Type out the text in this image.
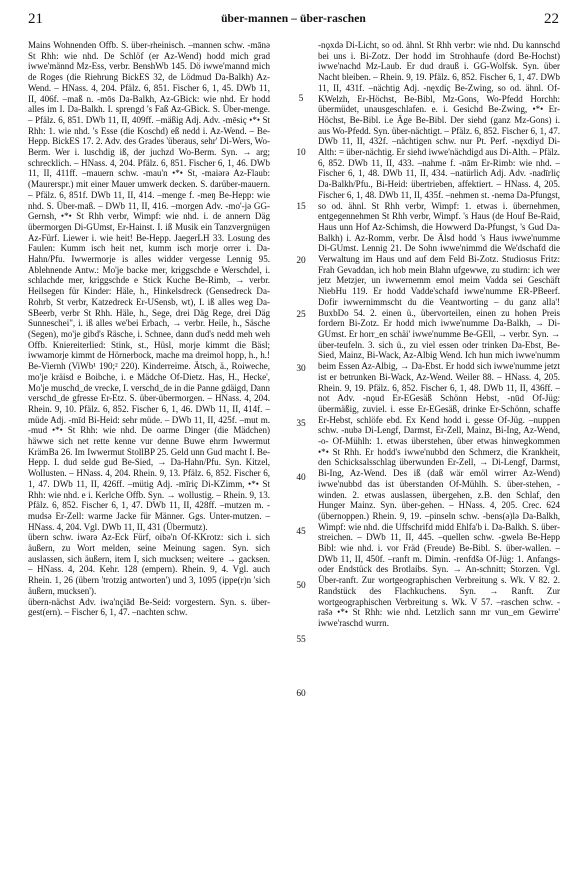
21	über-mannen – über-raschen	22

Mains Wohnenden Offb. S. über-rheinisch. –mannen schw. -mānə St Rhh: wie nhd. De Schlöf (er Az-Wend) hodd mich grad iwwe'männd Mz-Ess, verbr. BenshWb 145. Dö iwwe'mannd mich de Roges (die Riehrung BickES 32, de Lödmud Da-Balkh) Az-Wend. – HNass. 4, 204. Pfälz. 6, 851. Fischer 6, 1, 45. DWb 11, II, 406f. –maß n. -mōs Da-Balkh, Az-GBick: wie nhd. Er hodd alles im I. Da-Balkh. I. sprengd 's Faß Az-GBick. S. Über-menge. – Pfälz. 6, 851. DWb 11, II, 409ff. –mäßig Adj. Adv. -mēsiç •*• St Rhh: 1. wie nhd. 's Esse (die Koschd) eß nedd i. Az-Wend. – Be-Hepp. BickES 17. 2. Adv. des Grades 'überaus, sehr' Di-Wers, Wo-Berm. Wer i. luschdig iß, der juchzd Wo-Berm. Syn. → arg; schrecklich. – HNass. 4, 204. Pfälz. 6, 851. Fischer 6, 1, 46. DWb 11, II, 411ff. –mauern schw. -mau'n •*• St, -maiərə Az-Flaub: (Maurerspr.) mit einer Mauer umwerk decken. S. darüber-mauern. – Pfälz. 6, 851f. DWb 11, II, 414. –menge f. -meŋ Be-Hepp: wie nhd. S. Über-maß. – DWb 11, II, 416. –morgen Adv. -mo'-jə GG-Gernsh, •*• St Rhh verbr, Wimpf: wie nhd. i. de annern Däg übermorgen Di-GUmst, Er-Hainst. I. iß Musik ein Tanzvergnügen Az-Fürf. Liewer i. wie heit! Be-Hepp. JaegerLH 33. Losung des Faulen: Kumm isch heit net, kumm isch morje orrer i. Da-Hahn/Pfu. Iwwermorje is alles widder vergesse Lennig 95. Ablehnende Antw.: Mo'je backe mer, kriggschde e Werschdel, i. schlachde mer, kriggschde e Stick Kuche Be-Rimb, → verbr. Heilsegen für Kinder: Häle, h., Hinkelsdreck (Gensedreck Da-Rohrb, St verbr, Katzedreck Er-USensb, wt), I. iß alles weg Da-SBeerb, verbr St Rhh. Häle, h., Sege, drei Däg Rege, drei Däg Sunneschei", i. iß alles we'bei Erbach, → verbr. Heile, h., Säsche (Segen), mo'je gibd's Räsche, i. Schnee, dann dud's nedd meh weh Offb. Kniereiterlied: Stink, st., Hüsl, morje kimmt die Bäsl; iwwamorje kimmt de Hörnerbock, mache ma dreimol hopp, h., h.! Be-Viernh (ViWb¹ 190;² 220). Kinderreime. Ätsch, ä., Roiweche, mo'je kräisd e Boibche, i. e Mädche Of-Dietz. Has, H., Hecke', Mo'je muschd_de vrecke, I. verschd_de in die Panne gdäigd, Dann verschd_de gfresse Er-Etz. S. über-übermorgen. – HNass. 4, 204. Rhein. 9, 10. Pfälz. 6, 852. Fischer 6, 1, 46. DWb 11, II, 414f. –müde Adj. -mīd Bi-Heid: sehr müde. – DWb 11, II, 425f. –mut m. -mud •*• St Rhh: wie nhd. De oarme Dinger (die Mädchen) häwwe sich net rette kenne vur denne Buwe ehrm Iwwermut KrämBa 26. Im Iwwermut StollBP 25. Geld unn Gud macht I. Be-Hepp. I. dud selde gud Be-Sied, → Da-Hahn/Pfu. Syn. Kitzel, Wollusten. – HNass. 4, 204. Rhein. 9, 13. Pfälz. 6, 852. Fischer 6, 1, 47. DWb 11, II, 426ff. –mütig Adj. -mīriç Di-KZimm, •*• St Rhh: wie nhd. e i. Kerlche Offb. Syn. → wollustig. – Rhein. 9, 13. Pfälz. 6, 852. Fischer 6, 1, 47. DWb 11, II, 428ff. –mutzen m. -mudsə Er-Zell: warme Jacke für Männer. Ggs. Unter-mutzen. – HNass. 4, 204. Vgl. DWb 11, II, 431 (Übermutz).

übern schw. iwərə Az-Eck Fürf, oibə'n Of-KKrotz: sich i. sich äußern, zu Wort melden, seine Meinung sagen. Syn. sich auslassen, sich äußern, item I, sich mucksen; weitere → gacksen. – HNass. 4, 204. Kehr. 128 (empern). Rhein. 9, 4. Vgl. auch Rhein. 1, 26 (übern 'trotzig antworten') und 3, 1095 (ippe(r)n 'sich äußern, mucksen').

übern-nächst Adv. iwa'nçiād Be-Seid: vorgestern. Syn. s. über-gest(ern). – Fischer 6, 1, 47. –nachten schw.

5
10
15
20
25
30
35
40
45
50
55
60

-nǫxdə Di-Licht, so od. ähnl. St Rhh verbr: wie nhd. Du kannschd bei uns i. Bi-Zotz. Der hodd im Strohhaufe (dord Be-Hochst) iwwe'nachd Mz-Laub. Er dud drauß i. GG-Wolfsk. Syn. über Nacht bleiben. – Rhein. 9, 19. Pfälz. 6, 852. Fischer 6, 1, 47. DWb 11, II, 431f. –nächtig Adj. -nęxdiç Be-Zwing, so od. ähnl. Of-KWelzh, Er-Höchst, Be-Bibl, Mz-Gons, Wo-Pfedd Horchh: übermüdet, unausgeschlafen. e. i. Gesichd Be-Zwing, •*• Er-Höchst, Be-Bibl. i.e Äge Be-Bibl. Der siehd (ganz Mz-Gons) i. aus Wo-Pfedd. Syn. über-nächtigt. – Pfälz. 6, 852. Fischer 6, 1, 47. DWb 11, II, 432f. –nächtigen schw. nur Pt. Perf. -nęxdiyd Di-Alth: = über-nächtig. Er siehd iwwe'nächdigd aus Di-Alth. – Pfälz. 6, 852. DWb 11, II, 433. –nahme f. -nām Er-Rimb: wie nhd. – Fischer 6, 1, 48. DWb 11, II, 434. –natürlich Adj. Adv. -nadīrliç Da-Balkh/Pfu., Bi-Heid: übertrieben, affektiert. – HNass. 4, 205. Fischer 6, 1, 48. DWb 11, II, 435f. –nehmen st. -nemə Da-Pfungst, so od. ähnl. St Rhh verbr, Wimpf: 1. etwas i. übernehmen, entgegennehmen St Rhh verbr, Wimpf. 's Haus (de Houf Be-Raid, Haus unn Hof Az-Schimsh, die Howwerd Da-Pfungst, 's Gud Da-Balkh) i. Az-Romm, verbr. De Älsd hodd 's Haus iwwe'numme Di-GUmst. Lennig 21. De Sohn iwwe'nimmd die We'dschafd die Verwaltung im Haus und auf dem Feld Bi-Zotz. Studiosus Fritz: Frah Gevaddan, ich hob mein Blahn ufgewwe, zu studirn: ich wer jetz Metzjer, un iwwernemm emol meim Vadda sei Geschäft NiebHu 119. Er hodd Vadde'schafd iwwe'numme ER-PBeerf. Dofir iwwernimmscht du die Veantworting – du ganz alla'! BuxbDo 54. 2. einen ü., übervorteilen, einen zu hohen Preis fordern Bi-Zotz. Er hodd mich iwwe'numme Da-Balkh, → Di-GUmst. Er horr_en schäi' iwwe'numme Be-GEll, → verbr. Syn. → über-teufeln. 3. sich ü., zu viel essen oder trinken Da-Ebst, Be-Sied, Mainz, Bi-Wack, Az-Albig Wend. Ich hun mich iwwe'numm beim Essen Az-Albig, → Da-Ebst. Er hodd sich iwwe'numme jetzt ist er betrunken Bi-Wack, Az-Wend. Weiler 88. – HNass. 4, 205. Rhein. 9, 19. Pfälz. 6, 852. Fischer 6, 1, 48. DWb 11, II, 436ff. –not Adv. -nǫud Er-EGesäß Schönn Hebst, -nūd Of-Jüg: übermäßig, zuviel. i. esse Er-EGesäß, drinke Er-Schönn, schaffe Er-Hebst, schlöfe ebd. Ex Kend hodd i. gesse Of-Jüg. –nuppen schw. -nubə Di-Lengf, Darmst, Er-Zell, Mainz, Bi-Ing, Az-Wend, -o- Of-Mühlh: 1. etwas überstehen, über etwas hinwegkommen •*• St Rhh. Er hodd's iwwe'nubbd den Schmerz, die Krankheit, den Schicksalsschlag überwunden Er-Zell, → Di-Lengf, Darmst, Bi-Ing, Az-Wend. Des iß (daß wär emöl wirrer Az-Wend) iwwe'nubbd das ist überstanden Of-Mühlh. S. über-stehen, -winden. 2. etwas auslassen, übergehen, z.B. den Schlaf, den Hunger Mainz. Syn. über-gehen. – HNass. 4, 205. Crec. 624 (übernoppen.) Rhein. 9, 19. –pinseln schw. -bens(ə)lə Da-Balkh, Wimpf: wie nhd. die Uffschrifd midd Ehlfa'b i. Da-Balkh. S. über-streichen. – DWb 11, II, 445. –quellen schw. -gwelə Be-Hepp Bibl: wie nhd. i. vor Fräd (Freude) Be-Bibl. S. über-wallen. – DWb 11, II, 450f. –ranft m. Dimin. -renfdšə Of-Jüg: 1. Anfangs- oder Endstück des Brotlaibs. Syn. → An-schnitt; Storzen. Vgl. Über-ranft. Zur wortgeographischen Verbreitung s. Wk. V 82. 2. Randstück des Flachkuchens. Syn. → Ranft. Zur wortgeographischen Verbreitung s. Wk. V 57. –raschen schw. -rašə •*• St Rhh: wie nhd. Letzlich sann mr vun_em Gewirre' iwwe'raschd wurrn.
